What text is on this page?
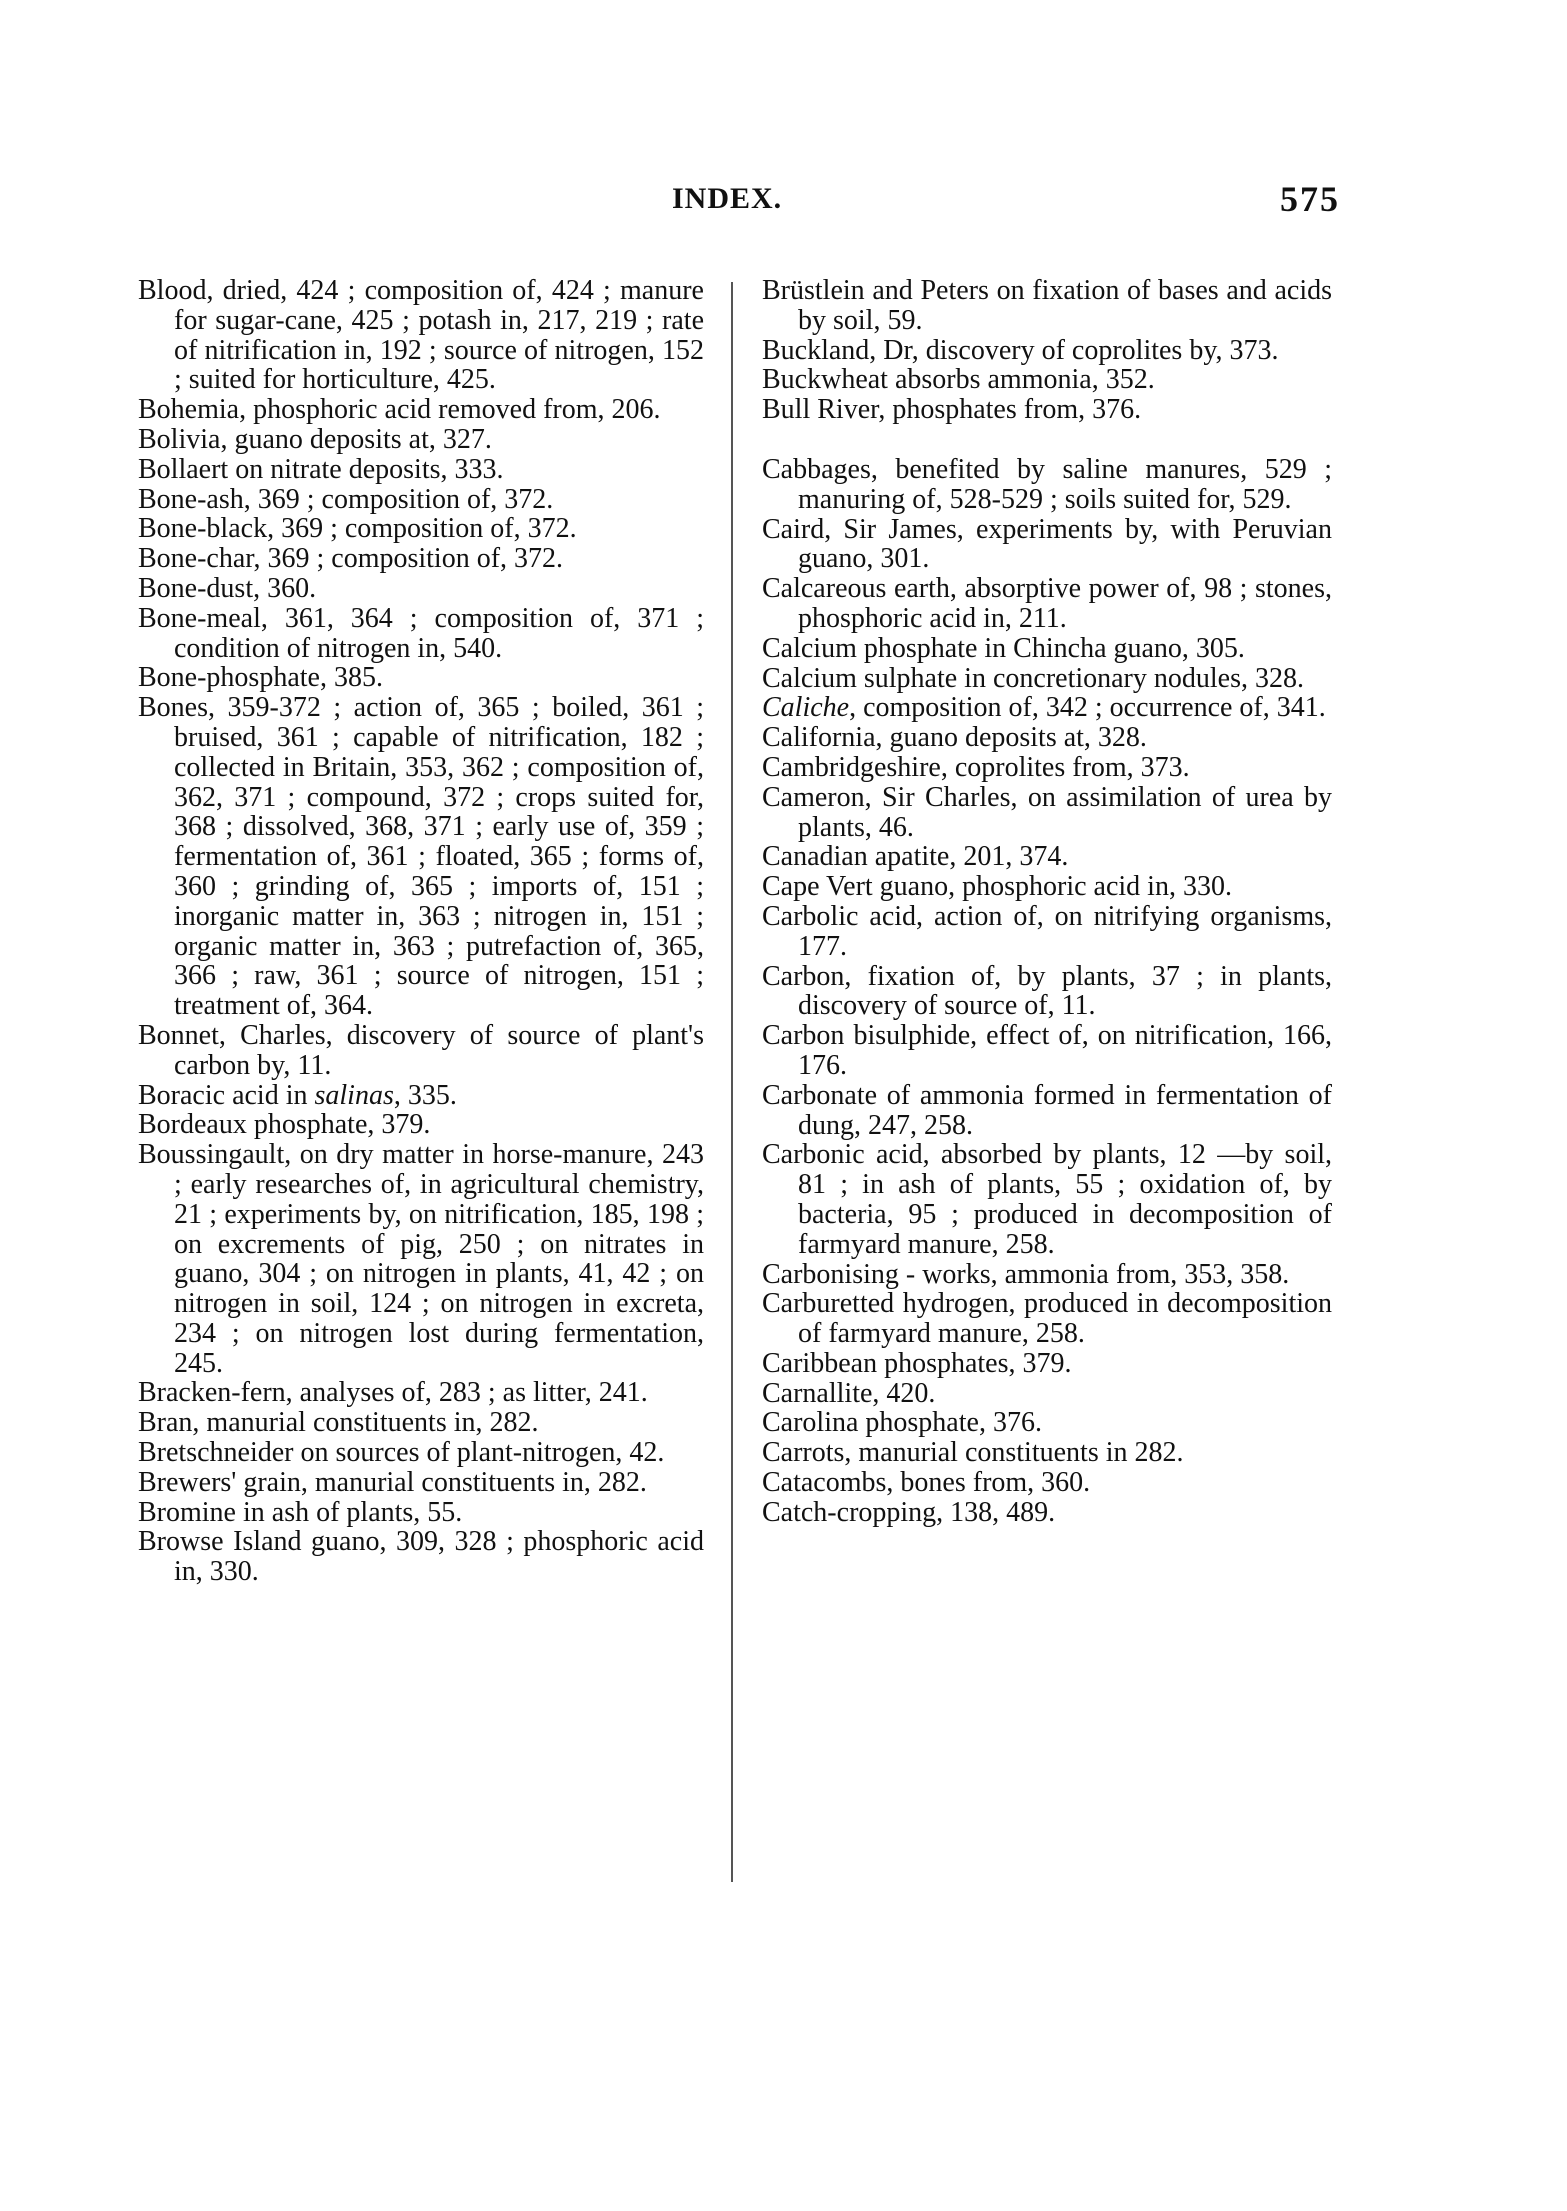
INDEX.	575

Blood, dried, 424 ; composition of, 424 ; manure for sugar-cane, 425 ; potash in, 217, 219 ; rate of nitrification in, 192 ; source of nitrogen, 152 ; suited for horticulture, 425.

Bohemia, phosphoric acid removed from, 206.

Bolivia, guano deposits at, 327.

Bollaert on nitrate deposits, 333.

Bone-ash, 369 ; composition of, 372.

Bone-black, 369 ; composition of, 372.

Bone-char, 369 ; composition of, 372.

Bone-dust, 360.

Bone-meal, 361, 364 ; composition of, 371 ; condition of nitrogen in, 540.

Bone-phosphate, 385.

Bones, 359-372 ; action of, 365 ; boiled, 361 ; bruised, 361 ; capable of nitrification, 182 ; collected in Britain, 353, 362 ; composition of, 362, 371 ; compound, 372 ; crops suited for, 368 ; dissolved, 368, 371 ; early use of, 359 ; fermentation of, 361 ; floated, 365 ; forms of, 360 ; grinding of, 365 ; imports of, 151 ; inorganic matter in, 363 ; nitrogen in, 151 ; organic matter in, 363 ; putrefaction of, 365, 366 ; raw, 361 ; source of nitrogen, 151 ; treatment of, 364.

Bonnet, Charles, discovery of source of plant's carbon by, 11.

Boracic acid in salinas, 335.

Bordeaux phosphate, 379.

Boussingault, on dry matter in horse-manure, 243 ; early researches of, in agricultural chemistry, 21 ; experiments by, on nitrification, 185, 198 ; on excrements of pig, 250 ; on nitrates in guano, 304 ; on nitrogen in plants, 41, 42 ; on nitrogen in soil, 124 ; on nitrogen in excreta, 234 ; on nitrogen lost during fermentation, 245.

Bracken-fern, analyses of, 283 ; as litter, 241.

Bran, manurial constituents in, 282.

Bretschneider on sources of plant-nitrogen, 42.

Brewers' grain, manurial constituents in, 282.

Bromine in ash of plants, 55.

Browse Island guano, 309, 328 ; phosphoric acid in, 330.

Brüstlein and Peters on fixation of bases and acids by soil, 59.

Buckland, Dr, discovery of coprolites by, 373.

Buckwheat absorbs ammonia, 352.

Bull River, phosphates from, 376.

Cabbages, benefited by saline manures, 529 ; manuring of, 528-529 ; soils suited for, 529.

Caird, Sir James, experiments by, with Peruvian guano, 301.

Calcareous earth, absorptive power of, 98 ; stones, phosphoric acid in, 211.

Calcium phosphate in Chincha guano, 305.

Calcium sulphate in concretionary nodules, 328.

Caliche, composition of, 342 ; occurrence of, 341.

California, guano deposits at, 328.

Cambridgeshire, coprolites from, 373.

Cameron, Sir Charles, on assimilation of urea by plants, 46.

Canadian apatite, 201, 374.

Cape Vert guano, phosphoric acid in, 330.

Carbolic acid, action of, on nitrifying organisms, 177.

Carbon, fixation of, by plants, 37 ; in plants, discovery of source of, 11.

Carbon bisulphide, effect of, on nitrification, 166, 176.

Carbonate of ammonia formed in fermentation of dung, 247, 258.

Carbonic acid, absorbed by plants, 12 —by soil, 81 ; in ash of plants, 55 ; oxidation of, by bacteria, 95 ; produced in decomposition of farmyard manure, 258.

Carbonising - works, ammonia from, 353, 358.

Carburetted hydrogen, produced in decomposition of farmyard manure, 258.

Caribbean phosphates, 379.

Carnallite, 420.

Carolina phosphate, 376.

Carrots, manurial constituents in 282.

Catacombs, bones from, 360.

Catch-cropping, 138, 489.
